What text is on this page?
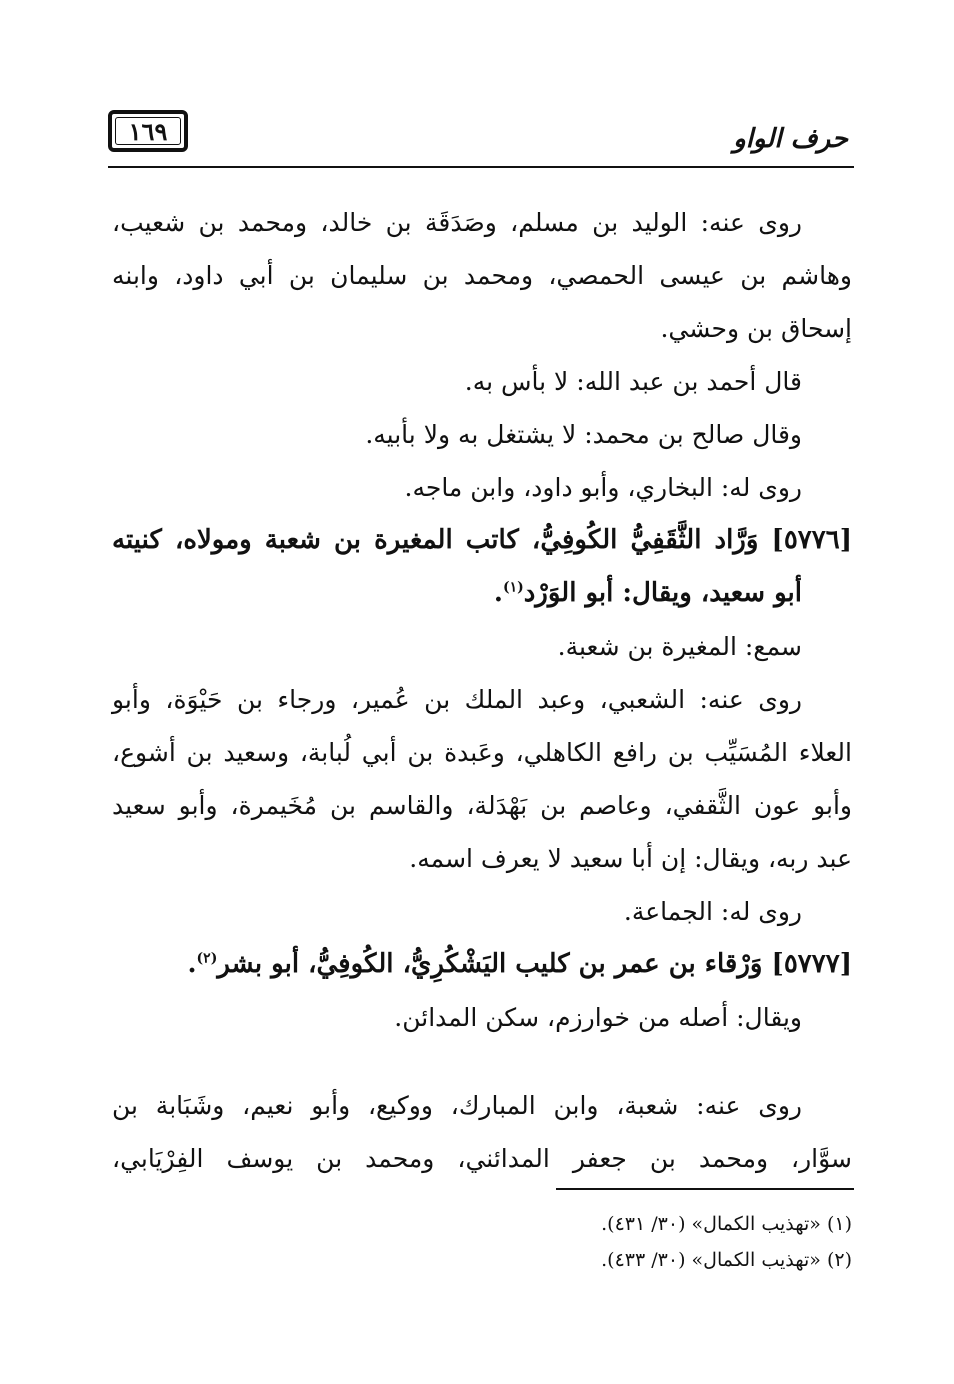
١٦٩	حرف الواو
روى عنه: الوليد بن مسلم، وصَدَقَة بن خالد، ومحمد بن شعيب،
وهاشم بن عيسى الحمصي، ومحمد بن سليمان بن أبي داود، وابنه
إسحاق بن وحشي.
قال أحمد بن عبد الله: لا بأس به.
وقال صالح بن محمد: لا يشتغل به ولا بأبيه.
روى له: البخاري، وأبو داود، وابن ماجه.
[٥٧٧٦] وَرَّاد الثَّقَفِيُّ الكُوفِيُّ، كاتب المغيرة بن شعبة ومولاه، كنيته
أبو سعيد، ويقال: أبو الوَرْد$^{(١)}$.
سمع: المغيرة بن شعبة.
روى عنه: الشعبي، وعبد الملك بن عُمير، ورجاء بن حَيْوَة، وأبو
العلاء المُسَيِّب بن رافع الكاهلي، وعَبدة بن أبي لُبابة، وسعيد بن أشوع،
وأبو عون الثَّقفي، وعاصم بن بَهْدَلة، والقاسم بن مُخَيمرة، وأبو سعيد
عبد ربه، ويقال: إن أبا سعيد لا يعرف اسمه.
روى له: الجماعة.
[٥٧٧٧] وَرْقاء بن عمر بن كليب اليَشْكُرِيُّ، الكُوفِيُّ، أبو بشر$^{(٢)}$.
ويقال: أصله من خوارزم، سكن المدائن.
روى عنه: شعبة، وابن المبارك، ووكيع، وأبو نعيم، وشَبَابة بن
سوَّار، ومحمد بن جعفر المدائني، ومحمد بن يوسف الفِرْيَابي،
(١) «تهذيب الكمال» (٣٠/ ٤٣١).
(٢) «تهذيب الكمال» (٣٠/ ٤٣٣).
